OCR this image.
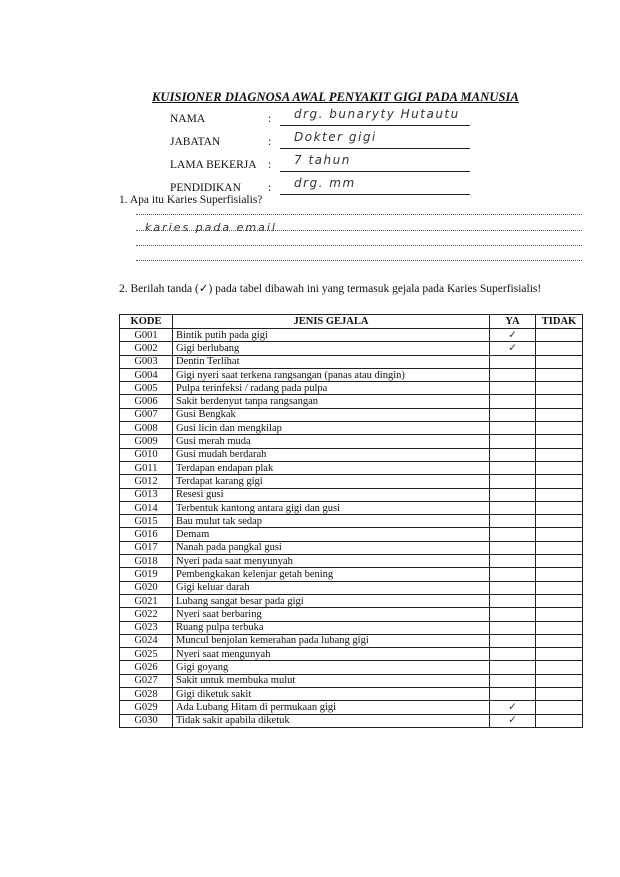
KUISIONER DIAGNOSA AWAL PENYAKIT GIGI PADA MANUSIA
NAMA	: drg. bunaryty Hutautu
JABATAN	: Dokter gigi
LAMA BEKERJA : 7 tahun
PENDIDIKAN : drg. mm
1. Apa itu Karies Superfisialis?
karies pada email
2. Berilah tanda (✓) pada tabel dibawah ini yang termasuk gejala pada Karies Superfisialis!
KODE	JENIS GEJALA	YA	TIDAK
G001	Bintik putih pada gigi	✓	
G002	Gigi berlubang	✓	
G003	Dentin Terlihat		
G004	Gigi nyeri saat terkena rangsangan (panas atau dingin)		
G005	Pulpa terinfeksi / radang pada pulpa		
G006	Sakit berdenyut tanpa rangsangan		
G007	Gusi Bengkak		
G008	Gusi licin dan mengkilap		
G009	Gusi merah muda		
G010	Gusi mudah berdarah		
G011	Terdapan endapan plak		
G012	Terdapat karang gigi		
G013	Resesi gusi		
G014	Terbentuk kantong antara gigi dan gusi		
G015	Bau mulut tak sedap		
G016	Demam		
G017	Nanah pada pangkal gusi		
G018	Nyeri pada saat menyunyah		
G019	Pembengkakan kelenjar getah bening		
G020	Gigi keluar darah		
G021	Lubang sangat besar pada gigi		
G022	Nyeri saat berbaring		
G023	Ruang pulpa terbuka		
G024	Muncul benjolan kemerahan pada lubang gigi		
G025	Nyeri saat mengunyah		
G026	Gigi goyang		
G027	Sakit untuk membuka mulut		
G028	Gigi diketuk sakit		
G029	Ada Lubang Hitam di permukaan gigi	✓	
G030	Tidak sakit apabila diketuk	✓	
